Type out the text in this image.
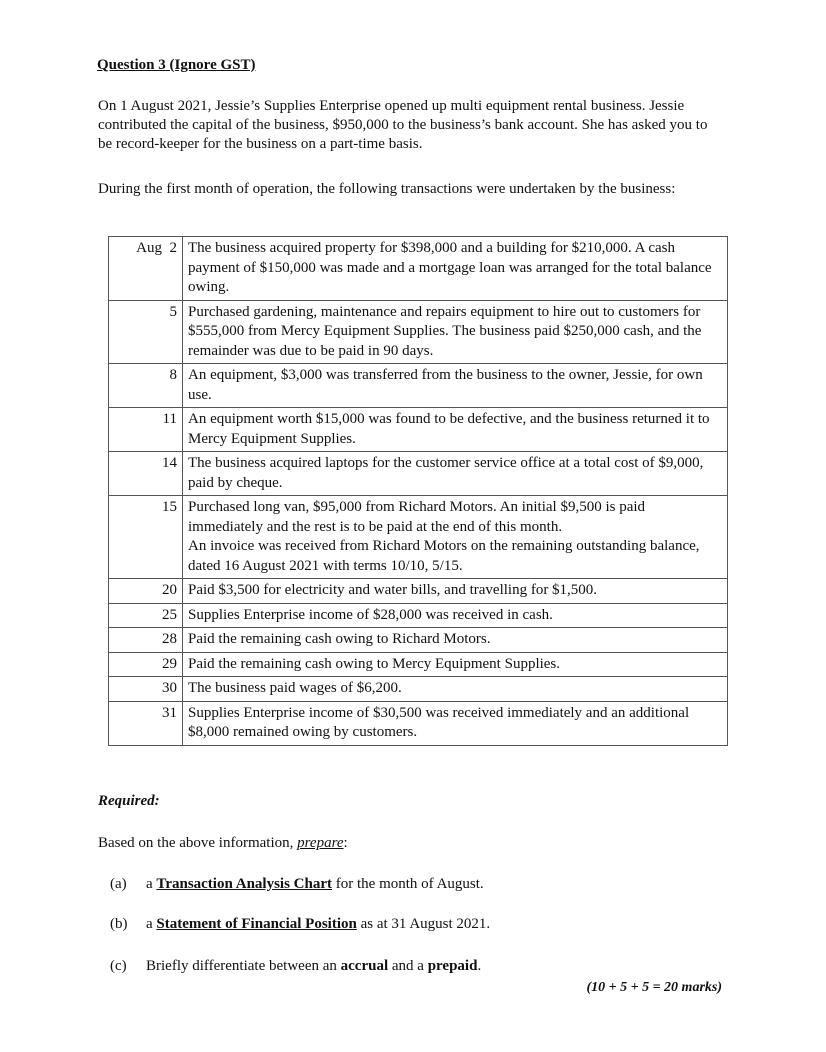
Question 3 (Ignore GST)
On 1 August 2021, Jessie’s Supplies Enterprise opened up multi equipment rental business. Jessie contributed the capital of the business, $950,000 to the business’s bank account. She has asked you to be record-keeper for the business on a part-time basis.
During the first month of operation, the following transactions were undertaken by the business:
Aug  2	The business acquired property for $398,000 and a building for $210,000. A cash payment of $150,000 was made and a mortgage loan was arranged for the total balance owing.

5	Purchased gardening, maintenance and repairs equipment to hire out to customers for $555,000 from Mercy Equipment Supplies. The business paid $250,000 cash, and the remainder was due to be paid in 90 days.

8	An equipment, $3,000 was transferred from the business to the owner, Jessie, for own use.

11	An equipment worth $15,000 was found to be defective, and the business returned it to Mercy Equipment Supplies.

14	The business acquired laptops for the customer service office at a total cost of $9,000, paid by cheque.

15	Purchased long van, $95,000 from Richard Motors. An initial $9,500 is paid immediately and the rest is to be paid at the end of this month.

An invoice was received from Richard Motors on the remaining outstanding balance, dated 16 August 2021 with terms 10/10, 5/15.

20	Paid $3,500 for electricity and water bills, and travelling for $1,500.

25	Supplies Enterprise income of $28,000 was received in cash.

28	Paid the remaining cash owing to Richard Motors.

29	Paid the remaining cash owing to Mercy Equipment Supplies.

30	The business paid wages of $6,200.

31	Supplies Enterprise income of $30,500 was received immediately and an additional $8,000 remained owing by customers.

Required:
Based on the above information, prepare:
(a) a Transaction Analysis Chart for the month of August.
(b) a Statement of Financial Position as at 31 August 2021.
(c) Briefly differentiate between an accrual and a prepaid.
(10 + 5 + 5 = 20 marks)
